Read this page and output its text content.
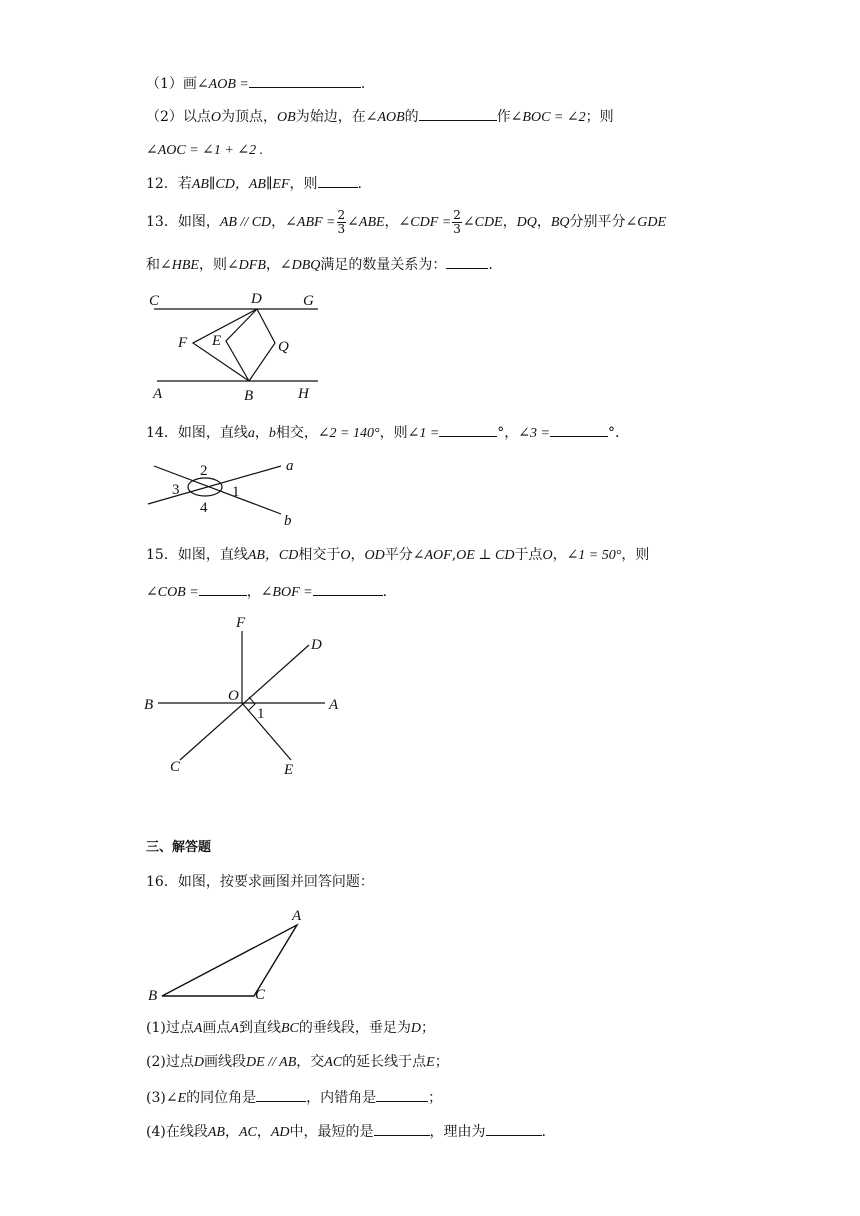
（1）画∠AOB =	.
（2）以点O为顶点，OB为始边，在∠AOB的	作∠BOC = ∠2；则
∠AOC = ∠1 + ∠2 .
12．若AB∥CD，AB∥EF，则	.
13．如图，AB // CD，∠ABF = $\frac{2}{3}$ ∠ABE，∠CDF = $\frac{2}{3}$ ∠CDE，DQ，BQ分别平分∠GDE
和∠HBE，则∠DFB，∠DBQ满足的数量关系为：	.
C	D	G
F E	Q
A	B	H
14．如图，直线a，b相交，∠2 = 140°，则∠1 =	°，∠3 =	°．
2
3	1
4
a
b
15．如图，直线AB，CD相交于O，OD平分∠AOF,OE ⊥ CD于点O，∠1 = 50°，则
∠COB =	，∠BOF =	.
F
D
O
B	A
1
C	E
三、解答题
16．如图，按要求画图并回答问题：
A
B	C
(1)过点A画点A到直线BC的垂线段，垂足为D；
(2)过点D画线段DE // AB，交AC的延长线于点E；
(3)∠E的同位角是	，内错角是	；
(4)在线段AB，AC，AD中，最短的是	，理由为	.
